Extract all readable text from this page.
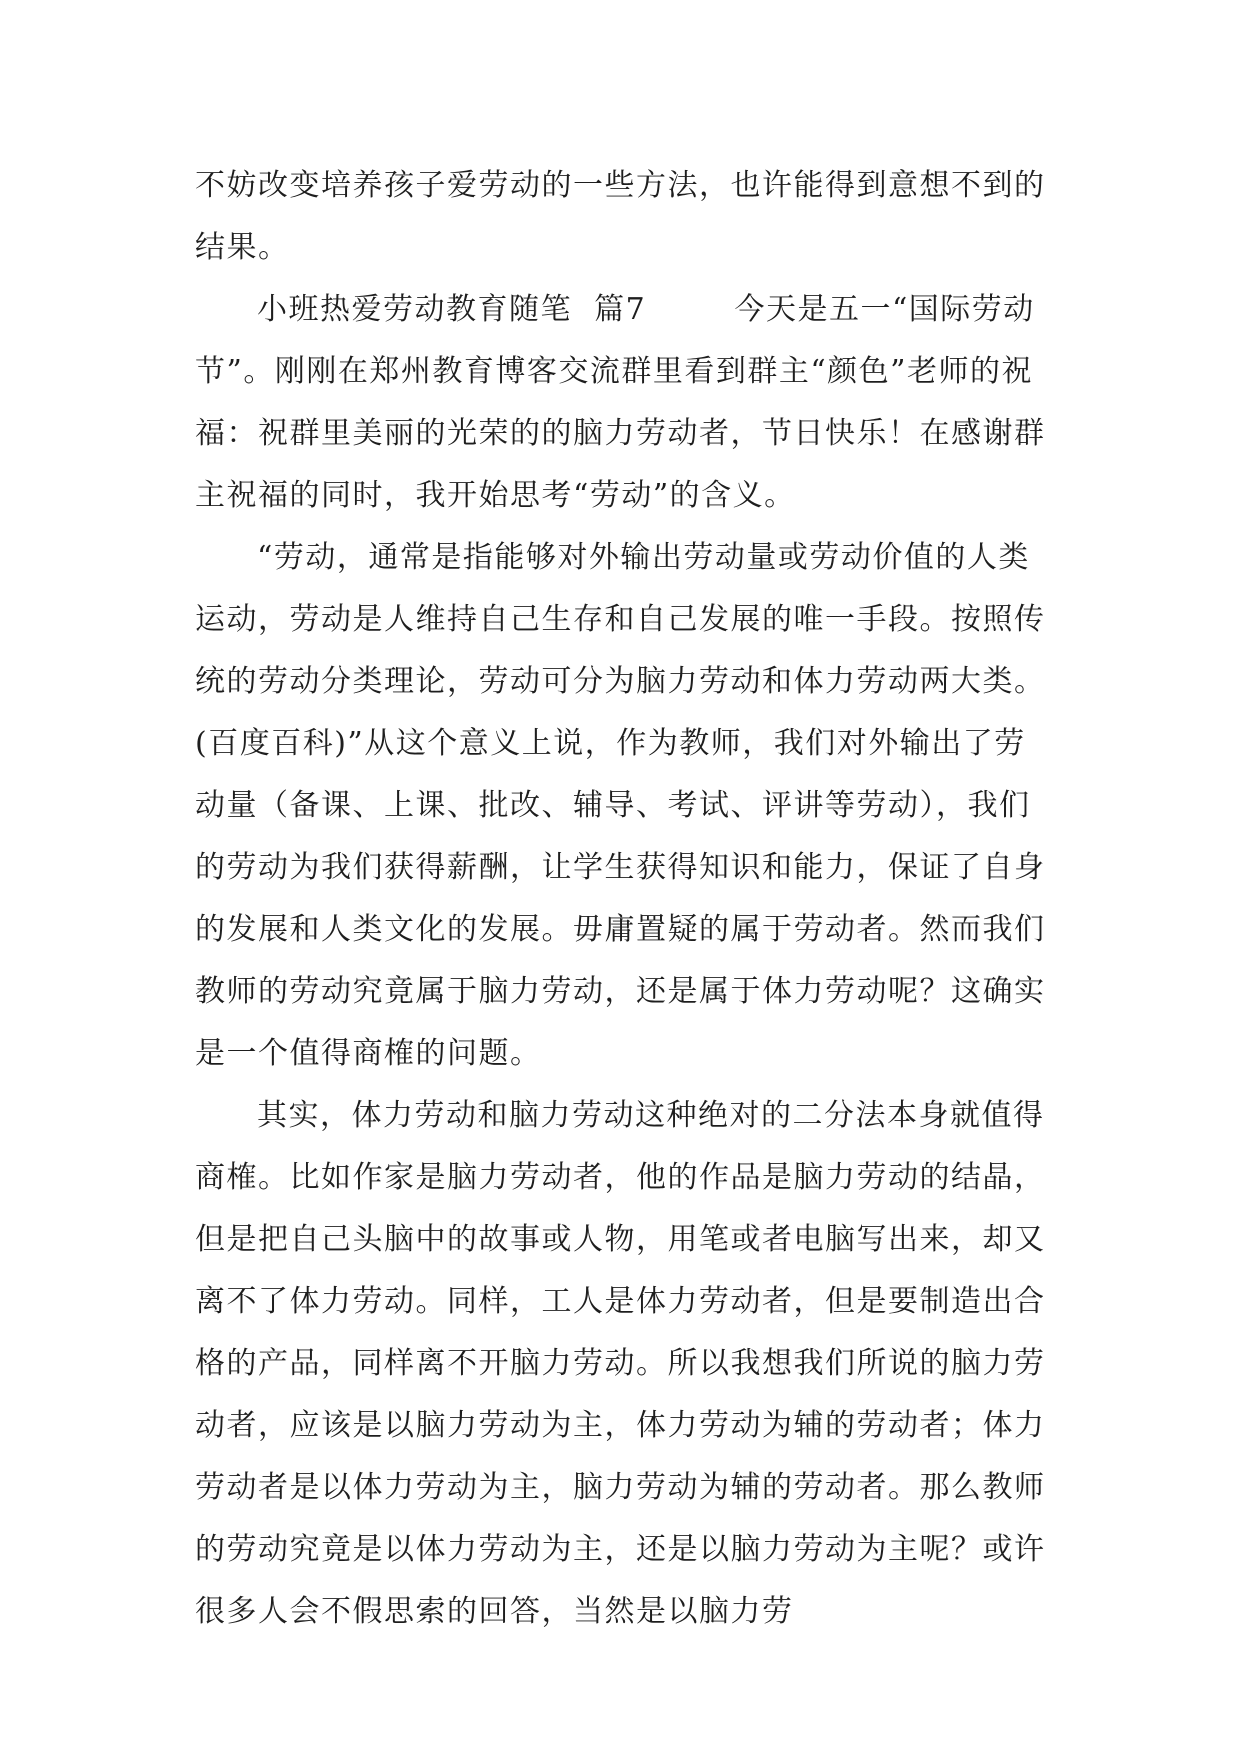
不妨改变培养孩子爱劳动的一些方法，也许能得到意想不到的结果。

小班热爱劳动教育随笔  篇7        今天是五一“国际劳动节”。刚刚在郑州教育博客交流群里看到群主“颜色”老师的祝福：祝群里美丽的光荣的的脑力劳动者，节日快乐！在感谢群主祝福的同时，我开始思考“劳动”的含义。

“劳动，通常是指能够对外输出劳动量或劳动价值的人类运动，劳动是人维持自己生存和自己发展的唯一手段。按照传统的劳动分类理论，劳动可分为脑力劳动和体力劳动两大类。(百度百科)”从这个意义上说，作为教师，我们对外输出了劳动量（备课、上课、批改、辅导、考试、评讲等劳动），我们的劳动为我们获得薪酬，让学生获得知识和能力，保证了自身的发展和人类文化的发展。毋庸置疑的属于劳动者。然而我们教师的劳动究竟属于脑力劳动，还是属于体力劳动呢？这确实是一个值得商榷的问题。

其实，体力劳动和脑力劳动这种绝对的二分法本身就值得商榷。比如作家是脑力劳动者，他的作品是脑力劳动的结晶，但是把自己头脑中的故事或人物，用笔或者电脑写出来，却又离不了体力劳动。同样，工人是体力劳动者，但是要制造出合格的产品，同样离不开脑力劳动。所以我想我们所说的脑力劳动者，应该是以脑力劳动为主，体力劳动为辅的劳动者；体力劳动者是以体力劳动为主，脑力劳动为辅的劳动者。那么教师的劳动究竟是以体力劳动为主，还是以脑力劳动为主呢？或许很多人会不假思索的回答，当然是以脑力劳
